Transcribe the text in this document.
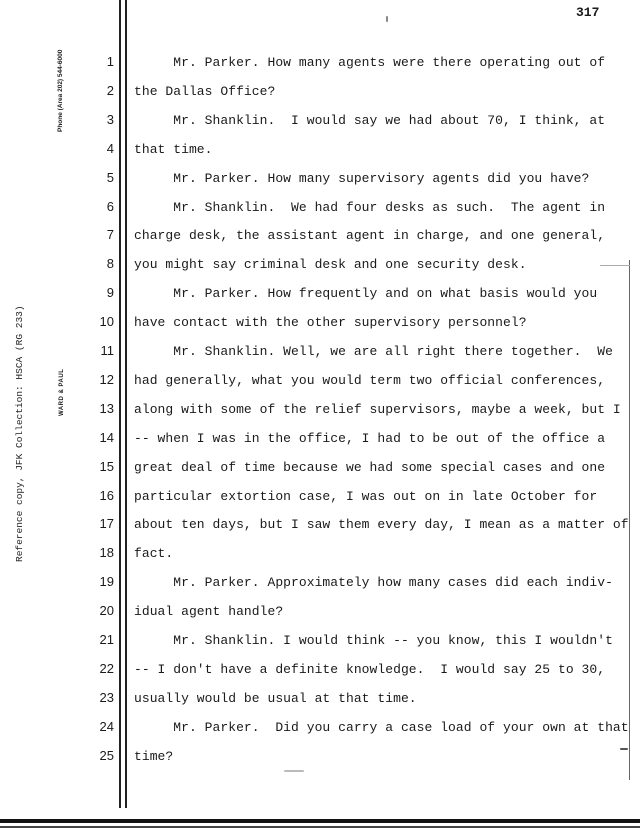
317
Phone (Area 202) 544-6000
WARD & PAUL
Reference copy, JFK Collection: HSCA (RG 233)
1 Mr. Parker. How many agents were there operating out of
2 the Dallas Office?
3 Mr. Shanklin.  I would say we had about 70, I think, at
4 that time.
5 Mr. Parker. How many supervisory agents did you have?
6 Mr. Shanklin.  We had four desks as such.  The agent in
7 charge desk, the assistant agent in charge, and one general,
8 you might say criminal desk and one security desk.
9 Mr. Parker. How frequently and on what basis would you
10 have contact with the other supervisory personnel?
11 Mr. Shanklin. Well, we are all right there together.  We
12 had generally, what you would term two official conferences,
13 along with some of the relief supervisors, maybe a week, but I
14 -- when I was in the office, I had to be out of the office a
15 great deal of time because we had some special cases and one
16 particular extortion case, I was out on in late October for
17 about ten days, but I saw them every day, I mean as a matter of
18 fact.
19 Mr. Parker. Approximately how many cases did each indiv-
20 idual agent handle?
21 Mr. Shanklin. I would think -- you know, this I wouldn't
22 -- I don't have a definite knowledge.  I would say 25 to 30,
23 usually would be usual at that time.
24 Mr. Parker.  Did you carry a case load of your own at that
25 time?
